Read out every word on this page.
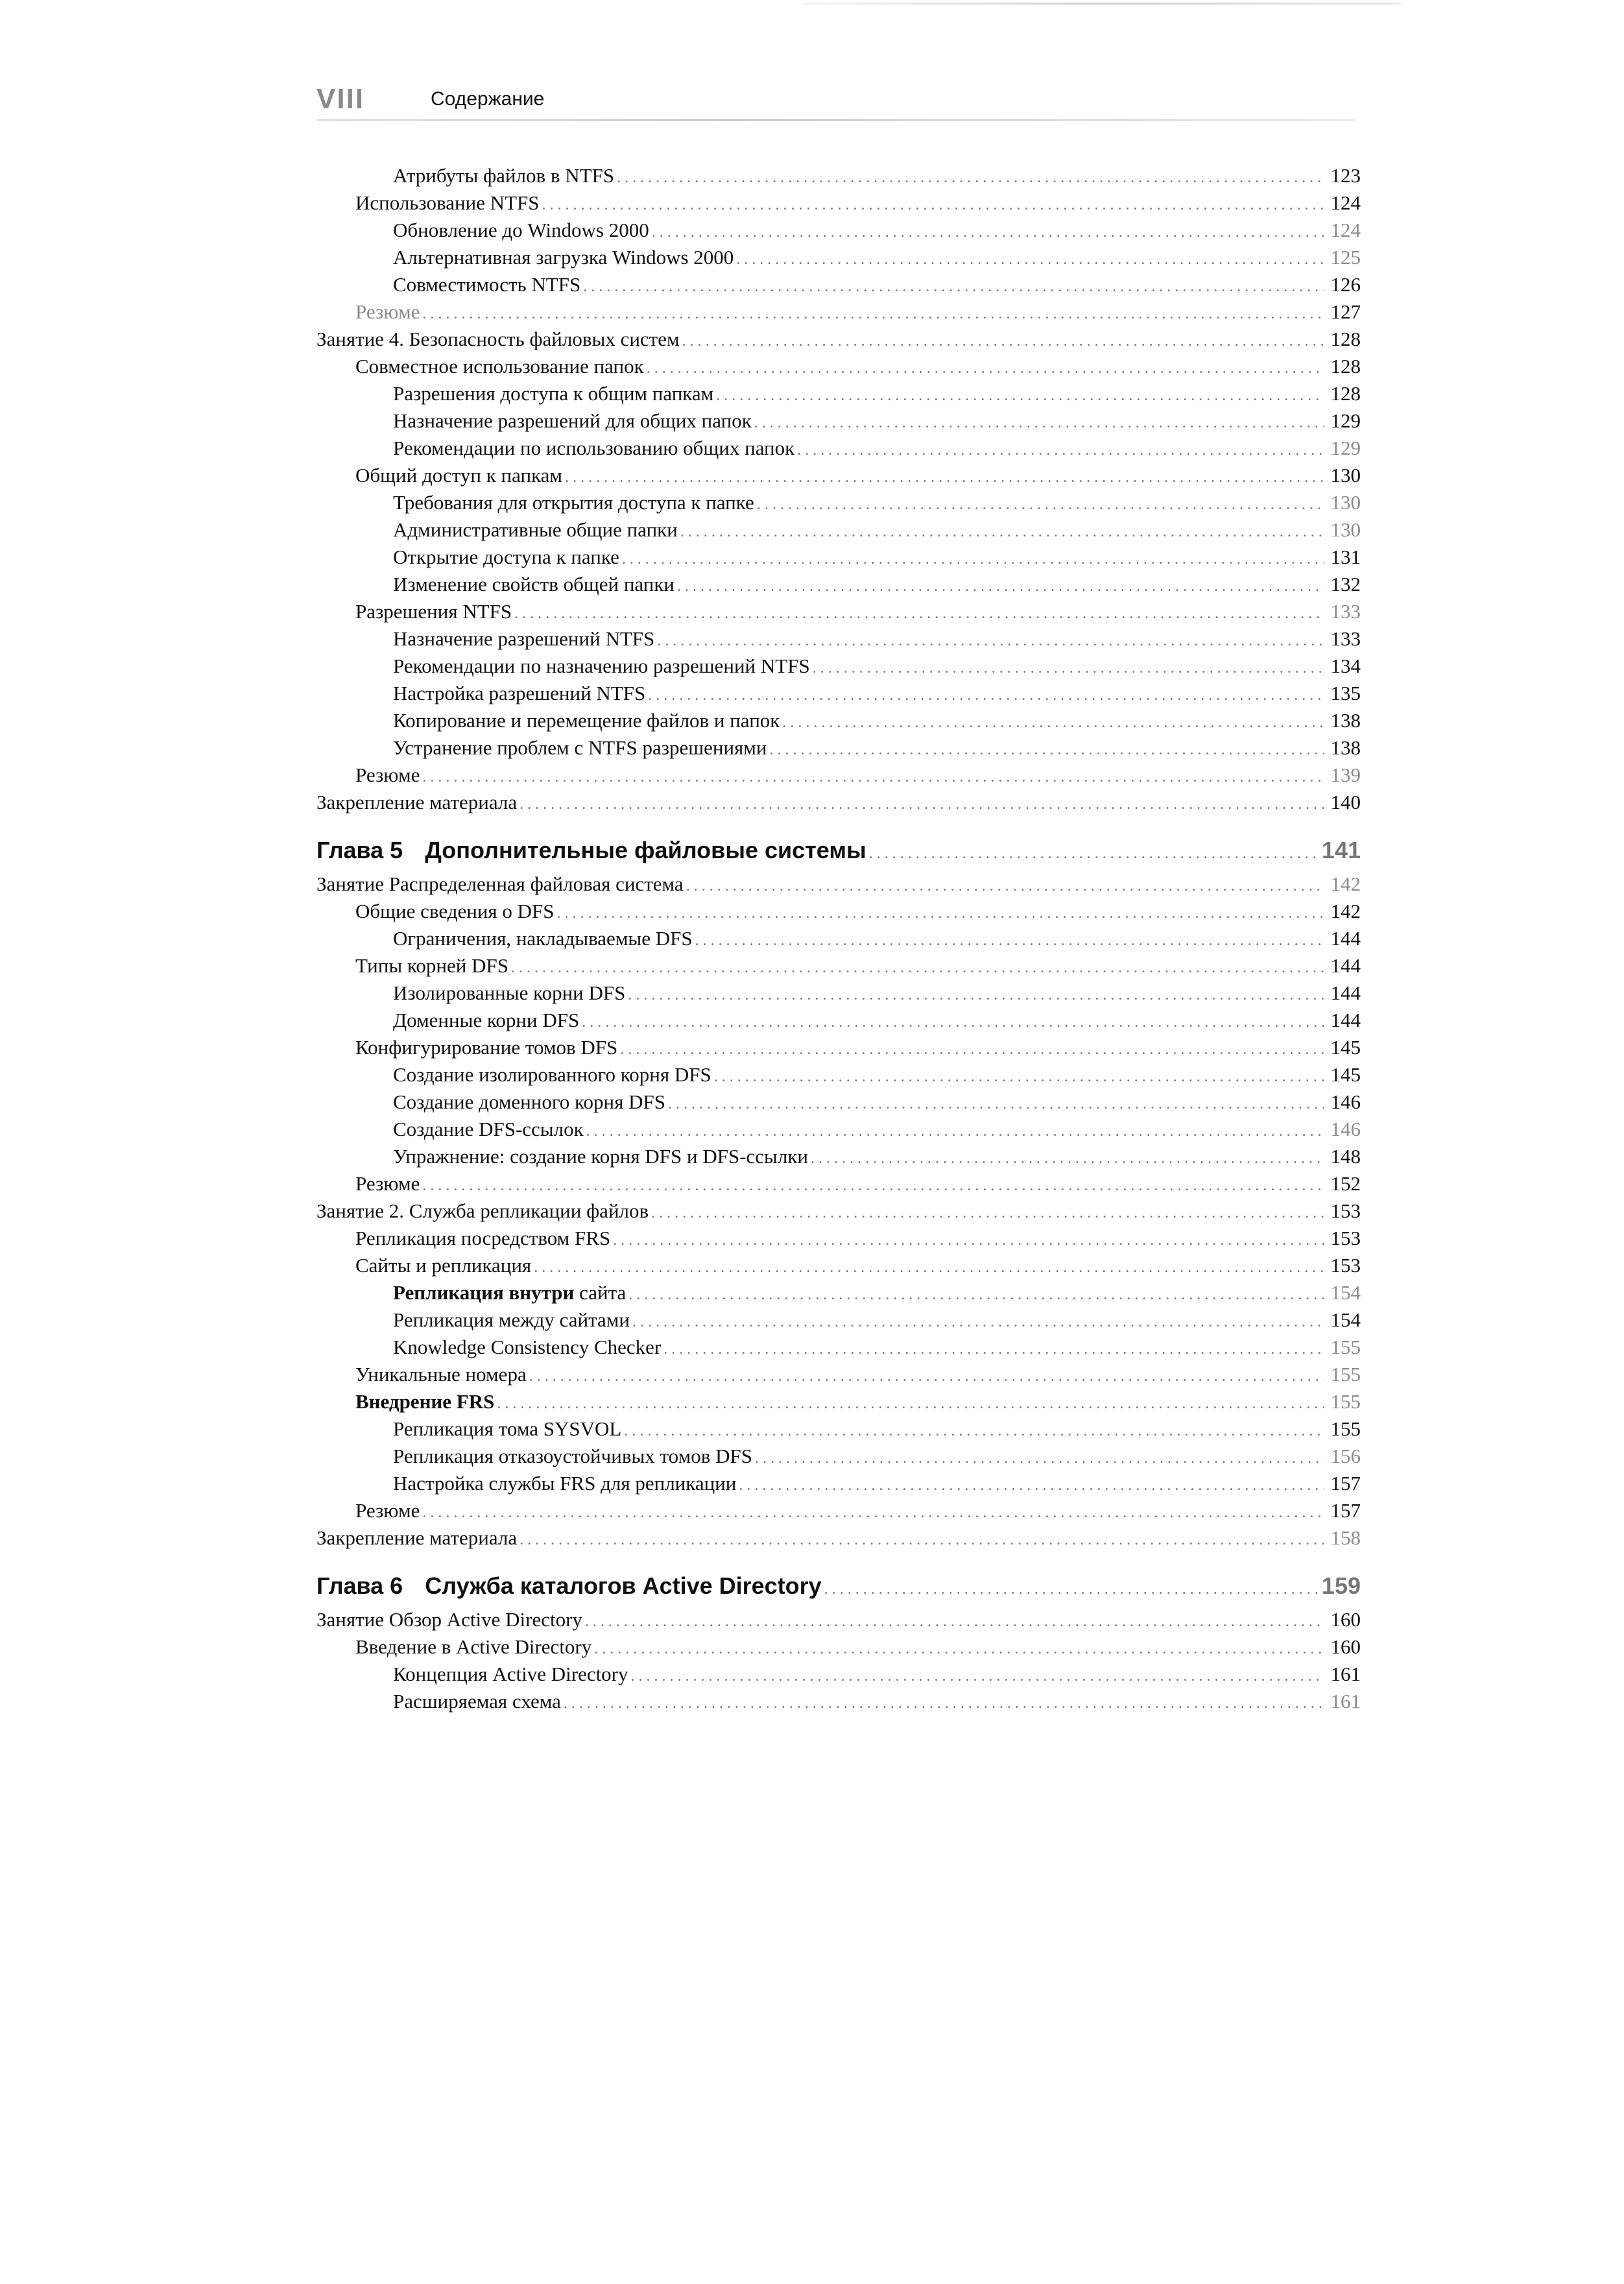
VIII	Содержание
Атрибуты файлов в NTFS . . .	123
Использование NTFS . . .	124
Обновление до Windows 2000 . . .	124
Альтернативная загрузка Windows 2000 . . .	125
Совместимость NTFS . . .	126
Резюме . . .	127
Занятие 4. Безопасность файловых систем . . .	128
Совместное использование папок . . .	128
Разрешения доступа к общим папкам . . .	128
Назначение разрешений для общих папок . . .	129
Рекомендации по использованию общих папок . . .	129
Общий доступ к папкам . . .	130
Требования для открытия доступа к папке . . .	130
Административные общие папки . . .	130
Открытие доступа к папке . . .	131
Изменение свойств общей папки . . .	132
Разрешения NTFS . . .	133
Назначение разрешений NTFS . . .	133
Рекомендации по назначению разрешений NTFS . . .	134
Настройка разрешений NTFS . . .	135
Копирование и перемещение файлов и папок . . .	138
Устранение проблем с NTFS разрешениями . . .	138
Резюме . . .	139
Закрепление материала . . .	140
Глава 5 Дополнительные файловые системы . . .	141
Занятие Распределенная файловая система . . .	142
Общие сведения о DFS . . .	142
Ограничения, накладываемые DFS . . .	144
Типы корней DFS . . .	144
Изолированные корни DFS . . .	144
Доменные корни DFS . . .	144
Конфигурирование томов DFS . . .	145
Создание изолированного корня DFS . . .	145
Создание доменного корня DFS . . .	146
Создание DFS-ссылок . . .	146
Упражнение: создание корня DFS и DFS-ссылки . . .	148
Резюме . . .	152
Занятие 2. Служба репликации файлов . . .	153
Репликация посредством FRS . . .	153
Сайты и репликация . . .	153
Репликация внутри сайта . . .	154
Репликация между сайтами . . .	154
Knowledge Consistency Checker . . .	155
Уникальные номера . . .	155
Внедрение FRS . . .	155
Репликация тома SYSVOL . . .	155
Репликация отказоустойчивых томов DFS . . .	156
Настройка службы FRS для репликации . . .	157
Резюме . . .	157
Закрепление материала . . .	158
Глава 6 Служба каталогов Active Directory . . .	159
Занятие Обзор Active Directory . . .	160
Введение в Active Directory . . .	160
Концепция Active Directory . . .	161
Расширяемая схема . . .	161
